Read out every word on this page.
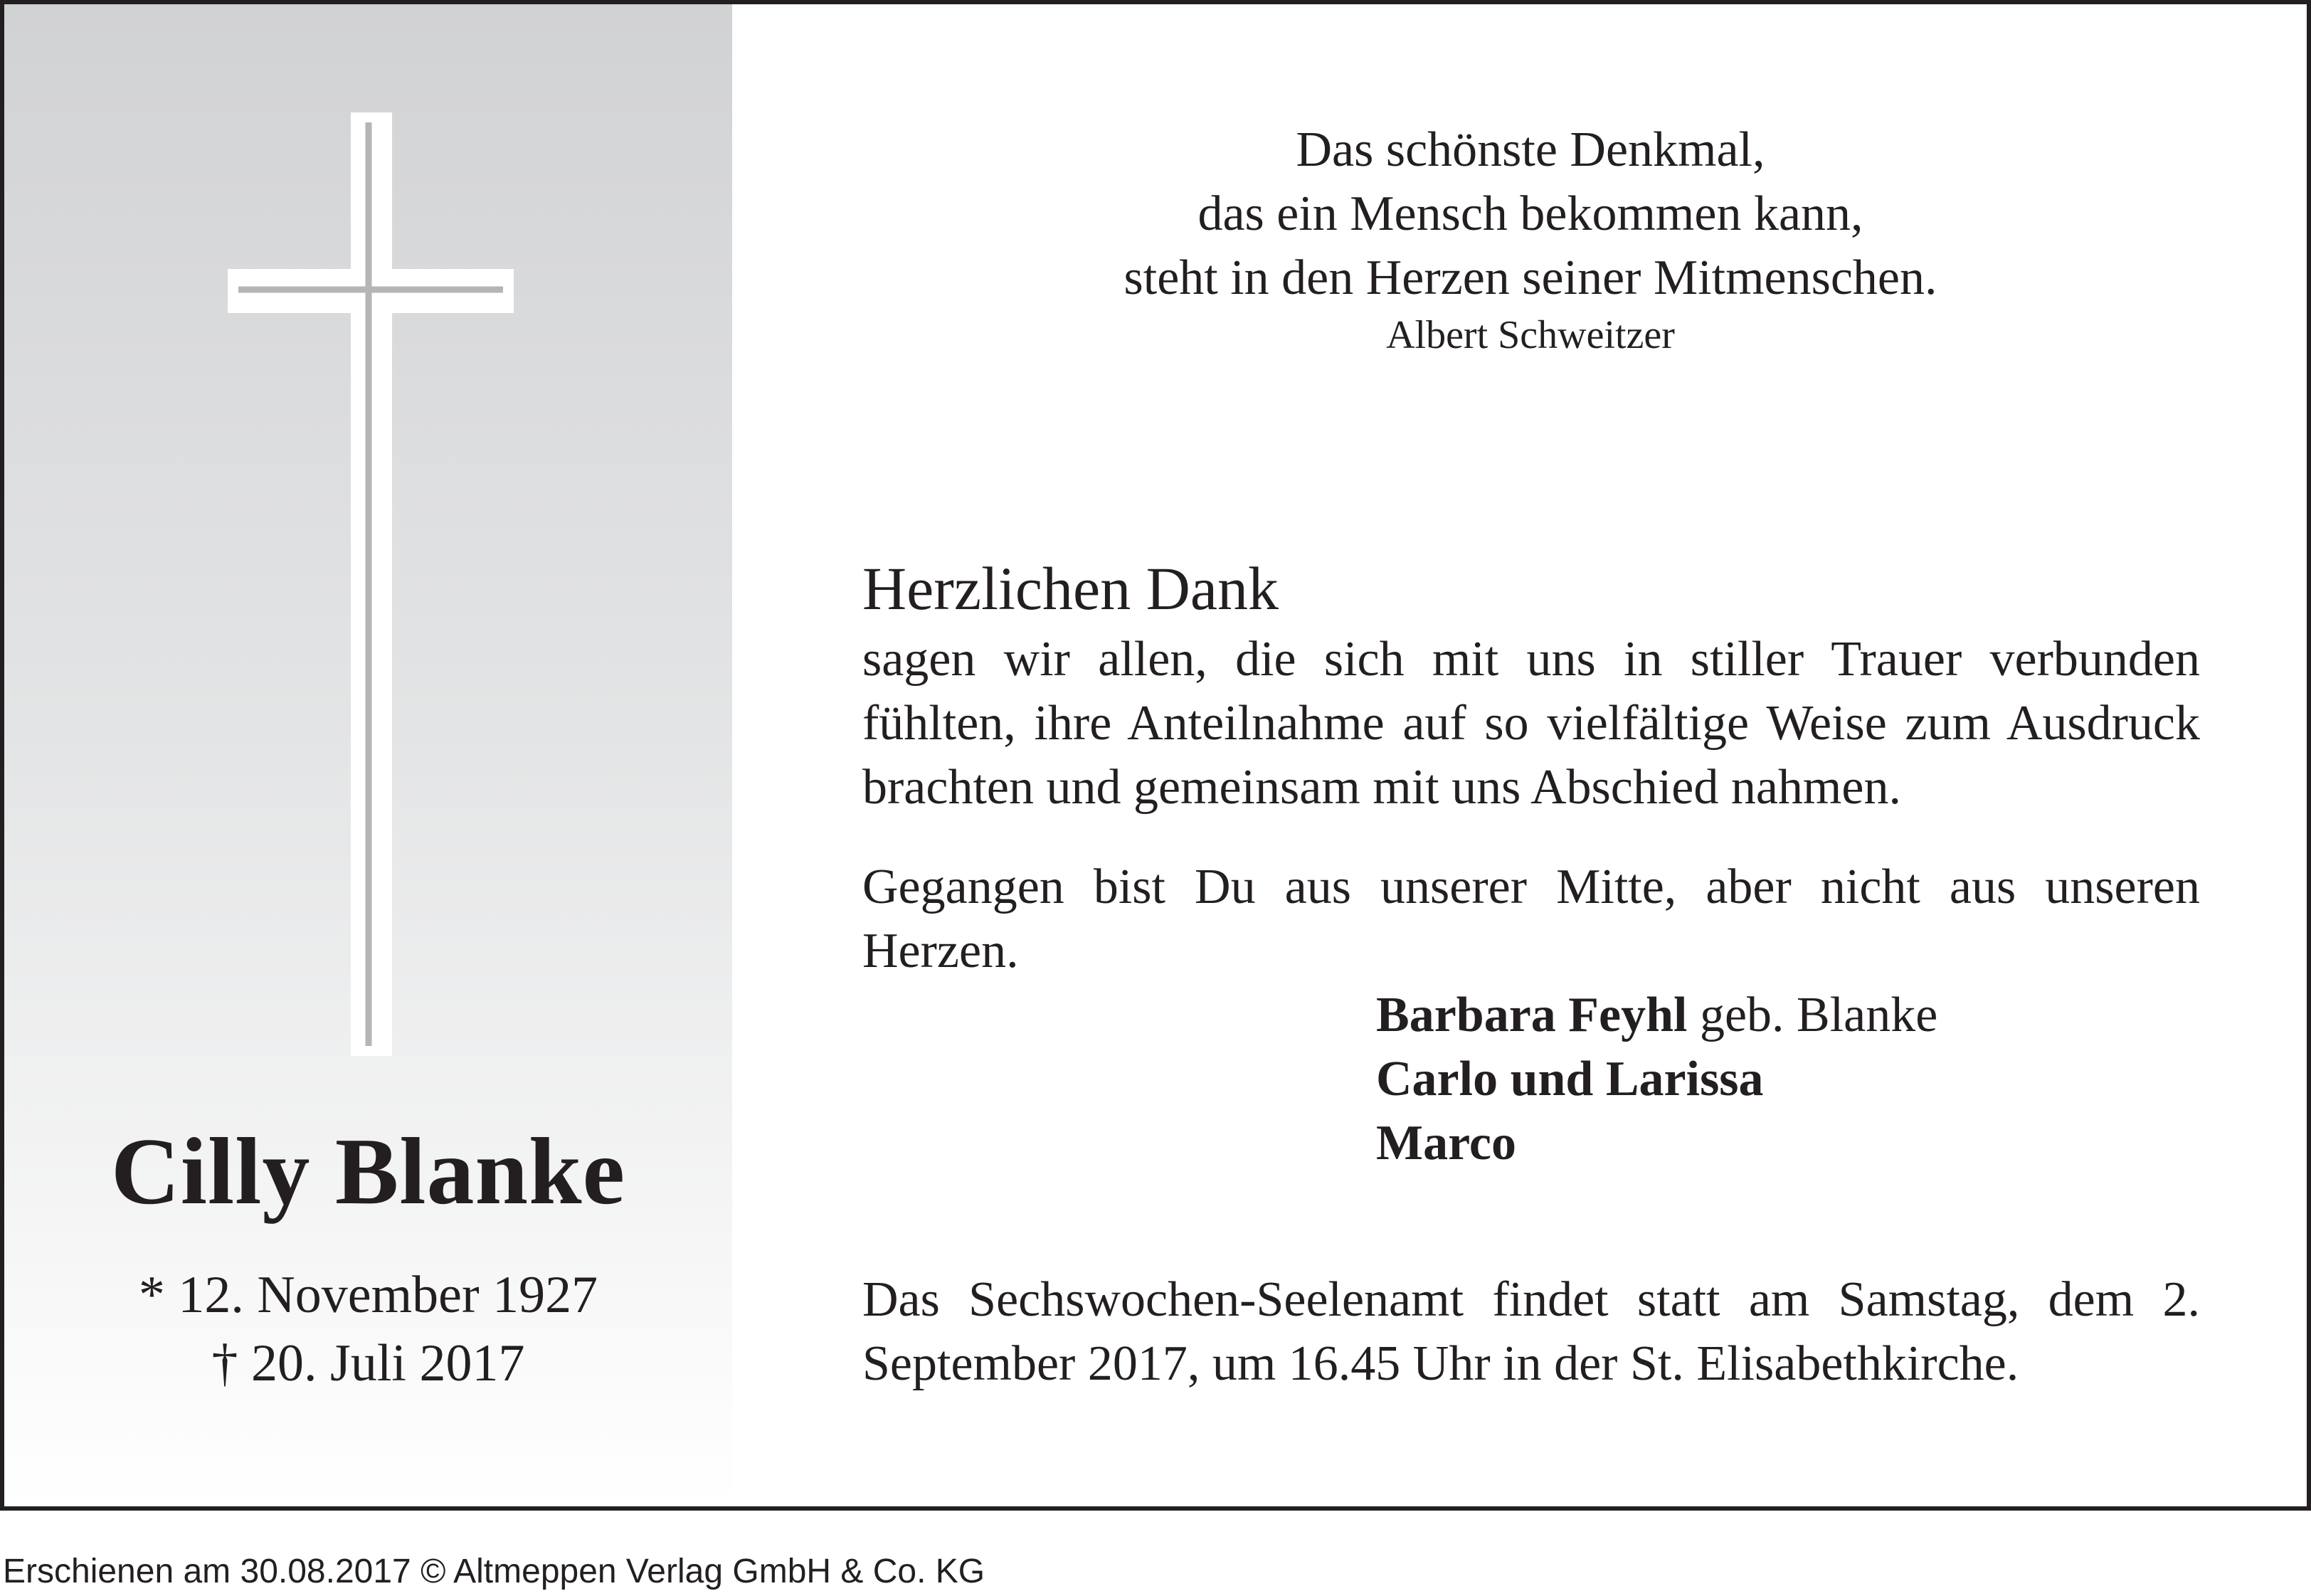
Cilly Blanke
* 12. November 1927
† 20. Juli 2017
Das schönste Denkmal,
das ein Mensch bekommen kann,
steht in den Herzen seiner Mitmenschen.
Albert Schweitzer
Herzlichen Dank
sagen wir allen, die sich mit uns in stiller Trauer verbunden fühlten, ihre Anteilnahme auf so vielfältige Weise zum Ausdruck brachten und gemeinsam mit uns Abschied nahmen.
Gegangen bist Du aus unserer Mitte, aber nicht aus unseren Herzen.
Barbara Feyhl geb. Blanke
Carlo und Larissa
Marco
Das Sechswochen-Seelenamt findet statt am Samstag, dem 2. September 2017, um 16.45 Uhr in der St. Elisabethkirche.
Erschienen am 30.08.2017 © Altmeppen Verlag GmbH & Co. KG
